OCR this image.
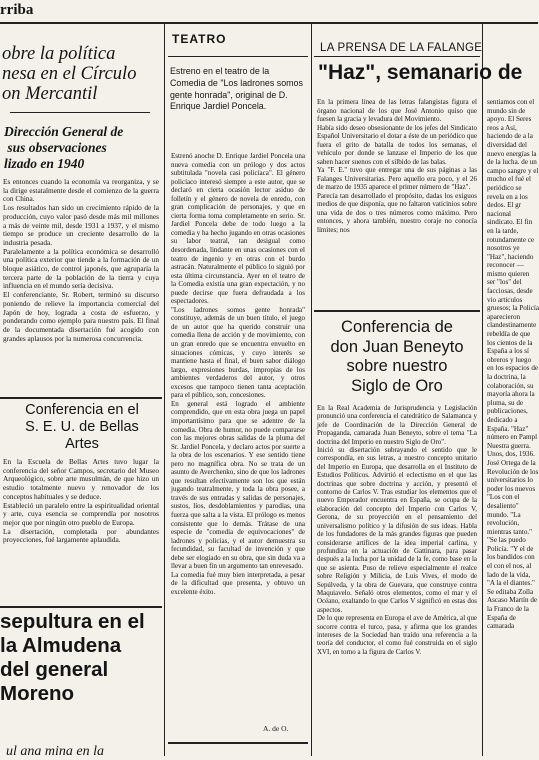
rriba
TEATRO
LA PRENSA DE LA FALANGE
obre la política
nesa en el Círculo
on Mercantil
Dirección General de
sus observaciones
lizado en 1940
Es entonces cuando la economía va reorganiza, y se la dirige estatalmente desde el comienzo de la guerra con China.
Los resultados han sido un crecimiento rápido de la producción, cuyo valor pasó desde más mil millones a más de veinte mil, desde 1931 a 1937, y el mismo tiempo se produce un creciente desarrollo de la industria pesada.
Paralelamente a la política económica se desarrolló una política exterior que tiende a la formación de un bloque asiático, de control japonés, que agruparía la tercera parte de la población de la tierra y cuya influencia en el mundo sería decisiva.
El conferenciante, Sr. Robert, terminó su discurso poniendo de relieve la importancia comercial del Japón de hoy, lograda a costa de esfuerzo, y ponderando como ejemplo para nuestro país. El final de la documentada disertación fué acogido con grandes aplausos por la numerosa concurrencia.
Conferencia en el
S. E. U. de Bellas
Artes
En la Escuela de Bellas Artes tuvo lugar la conferencia del señor Campos, secretario del Museo Arqueológico, sobre arte musulmán, de que hizo un estudio totalmente nuevo y renovador de los conceptos habituales y se deduce.
Estableció un paralelo entre la espiritualidad oriental y arte, cuya esencia se comprendía por nosotros mejor que por ningún otro pueblo de Europa.
La disertación, completada por abundantes proyecciones, fué largamente aplaudida.
sepultura en el
la Almudena
del general
Moreno
ul ana mina en la
Estreno en el teatro de la Comedia de "Los ladrones somos gente honrada", original de D. Enrique Jardiel Poncela.
Estrenó anoche D. Enrique Jardiel Poncela una nueva comedia con un prólogo y dos actos subtitulada "novela casi policíaca". El género policíaco interesó siempre a este autor, que se declaró en cierta ocasión lector asiduo de folletín y el género de novela de enredo, con gran complicación de personajes, y que en cierta forma toma completamente en serio. Sr. Jardiel Poncela debe de todo luego a la comedia y ha hecho jugando en otras ocasiones su labor teatral, tan desigual como desordenada, lindante en unas ocasiones con el teatro de ingenio y en otras con el burdo astracán. Naturalmente el público lo siguió por esta última circunstancia. Ayer en el teatro de la Comedia existía una gran expectación, y no puede decirse que fuera defraudada a los espectadores.
"Los ladrones somos gente honrada" constituye, además de un buen título, el juego de un autor que ha querido construir una comedia llena de acción y de movimiento, con un gran enredo que se encuentra envuelto en situaciones cómicas, y cuyo interés se mantiene hasta el final, el buen sabor diálogo largo, expresiones burdas, impropias de los ambientes verdaderos del autor, y otros excesos que tampoco tienen tanta aceptación para el público, son, concesiones.
En general está logrado el ambiente comprendido, que en esta obra juega un papel importantísimo para que se adentre de la comedia. Obra de humor, no puede compararse con las mejores obras salidas de la pluma del Sr. Jardiel Poncela, y declaro actos por suerte a la obra de los escenarios. Y ese sentido tiene pero no magnífica obra. No se trata de un asunto de Averchenko, sino de que los ladrones que resultan efectivamente son los que están jugando teatralmente, y toda la obra posee, a través de sus entradas y salidas de personajes, sustos, líos, desdoblamientos y parodias, una fuerza que salta a la vista. El prólogo es menos consistente que lo demás. Trátase de una especie de "comedia de equivocaciones" de ladrones y policías, y el autor demuestra su fecundidad, su facultad de invención y que debe ser elogiado en su obra, que sin duda va a llevar a buen fin un argumento tan enrevesado.
La comedia fué muy bien interpretada, a pesar de la dificultad que presenta, y obtuvo un excelente éxito.
A. de O.
"Haz", semanario de
En la primera línea de las letras falangistas figura el órgano nacional de los que José Antonio quiso que fuesen la gracia y levadura del Movimiento.
Había sido deseo obsesionante de los jefes del Sindicato Español Universitario el dotar a éste de un periódico que fuera el grito de batalla de todos los semanas, el vehículo por donde se lanzase el Imperio de los que saben hacer suenos con el silbido de las balas.
Ya "F. E." tuvo que entregar una de sus páginas a las Falanges Universitarias. Pero aquello era poco, y el 26 de marzo de 1935 aparece el primer número de "Haz".
Parecía tan desarrollado el propósito, dadas los exiguos medios de que disponía, que no faltaron vaticinios sobre una vida de dos o tres números como máximo. Pero entonces, y ahora también, nuestro coraje no conocía límites; nos
Conferencia de
don Juan Beneyto
sobre nuestro
Siglo de Oro
En la Real Academia de Jurisprudencia y Legislación pronunció una conferencia el catedrático de Salamanca y jefe de Coordinación de la Dirección General de Propaganda, camarada Juan Beneyto, sobre el tema "La doctrina del Imperio en nuestro Siglo de Oro".
Inició su disertación subrayando el sentido que le correspondía, en sus letras, a nuestro concepto unitario del Imperio en Europa, que desarrolla en el Instituto de Estudios Políticos. Advirtió el eclectismo en el que las doctrinas que sobre doctrina y acción, y presentó el contorno de Carlos V. Tras estudiar los elementos que el nuevo Emperador encuentra en España, se ocupa de la elaboración del concepto del Imperio con Carlos V, Gerona, de su proyección en el pensamiento del universalismo político y la difusión de sus ideas. Habla de los fundadores de la más grandes figuras que pueden considerarse artífices de la idea imperial carlina, y profundiza en la actuación de Gattinara, para pasar después a la lucha por la unidad de la fe, como base en la que se asienta. Puso de relieve especialmente el realce sobre Religión y Milicia, de Luis Vives, el modo de Sepúlveda, y la obra de Guevara, que construye contra Maquiavelo. Señaló otros elementos, como el mar y el Océano, exaltando lo que Carlos V significó en estas dos aspectos.
De lo que representa en Europa el ave de América, al que socorre contra el turco, pasa, y afirma que los grandes intereses de la Sociedad han traído una referencia a la teoría del conductor, el como fué construida en el siglo XVI, en torno a la figura de Carlos V.
sentiamos con el mundo sin de apoyo. El Seres reos a Así, haciendo de a la diversidad del nuevo energías la de la lucha. de un campo sangre y el mucho el fué el periódico se revela en a los dedos. El gr nacional sindicato. El fin en la tarde, rotundamente ce nosotros ye "Haz", haciendo reconocer — mismo quieren ser "los" del facciosas, desde vio articulos gruesos; la Policía aparecieron clandestinamente rebeldía de que los cientos de la España a los sí obreros y luego en los espacios de la doctrina, la colaboración, su mayoría ahora la pluma, su de publicaciones, dedicado a España. "Haz" número en Pampl Nuestra guerra. Unos, dos, 1936. José Ortega de la Revolución de los universitarios lo poder los nuevos "Los con el desaliento" mundo. "La revolución, mientras tanto." "Se las puedo Policía. "Y el de los bandidos con el con el nos, al lado de la vida, "A la el diantes." Se editaba Zolla Ascaso Martín de la Franco de la España de camarada
